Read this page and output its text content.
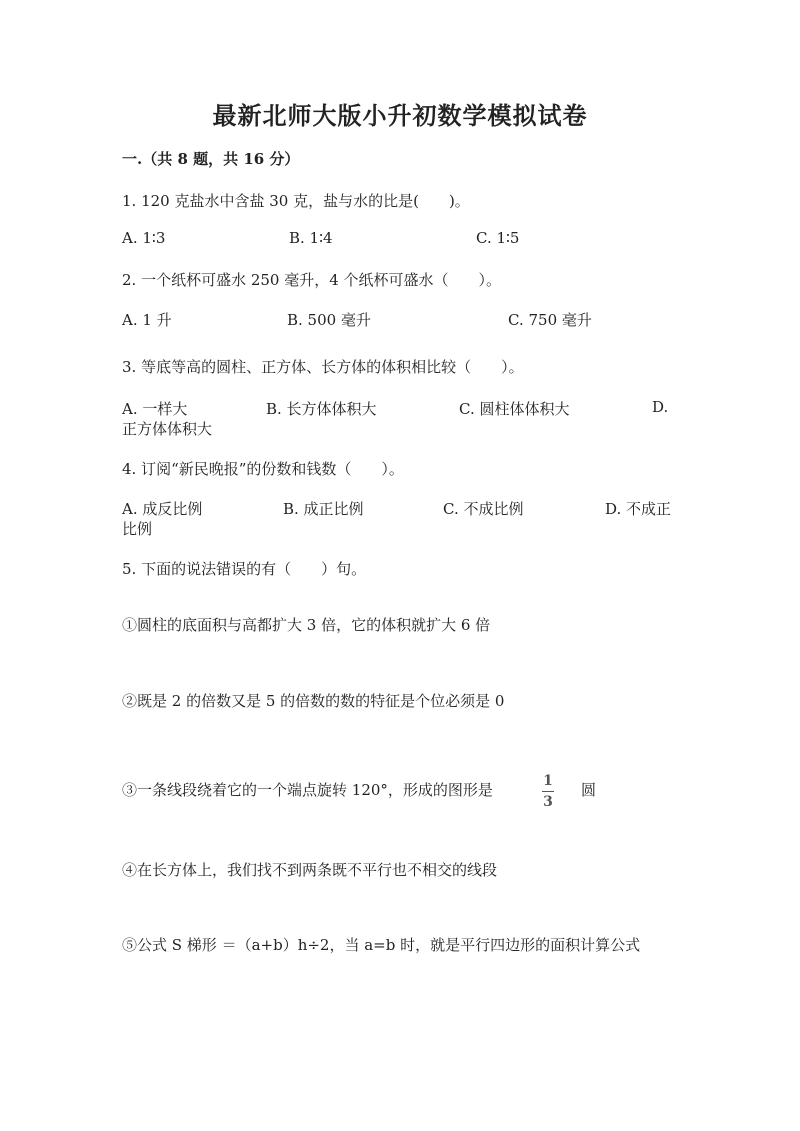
最新北师大版小升初数学模拟试卷
一.（共 8 题，共 16 分）
1. 120 克盐水中含盐 30 克，盐与水的比是(　　)。
A. 1∶3	B. 1∶4	C. 1∶5
2. 一个纸杯可盛水 250 毫升，4 个纸杯可盛水（　　）。
A. 1 升	B. 500 毫升	C. 750 毫升
3. 等底等高的圆柱、正方体、长方体的体积相比较（　　）。
A. 一样大	B. 长方体体积大	C. 圆柱体体积大	D.
正方体体积大
4. 订阅“新民晚报”的份数和钱数（　　）。
A. 成反比例	B. 成正比例	C. 不成比例	D. 不成正
比例
5. 下面的说法错误的有（　　）句。
①圆柱的底面积与高都扩大 3 倍，它的体积就扩大 6 倍
②既是 2 的倍数又是 5 的倍数的数的特征是个位必须是 0
③一条线段绕着它的一个端点旋转 120°，形成的图形是	$\frac{1}{3}$ 圆
④在长方体上，我们找不到两条既不平行也不相交的线段
⑤公式 S 梯形 ＝（a+b）h÷2，当 a=b 时，就是平行四边形的面积计算公式
